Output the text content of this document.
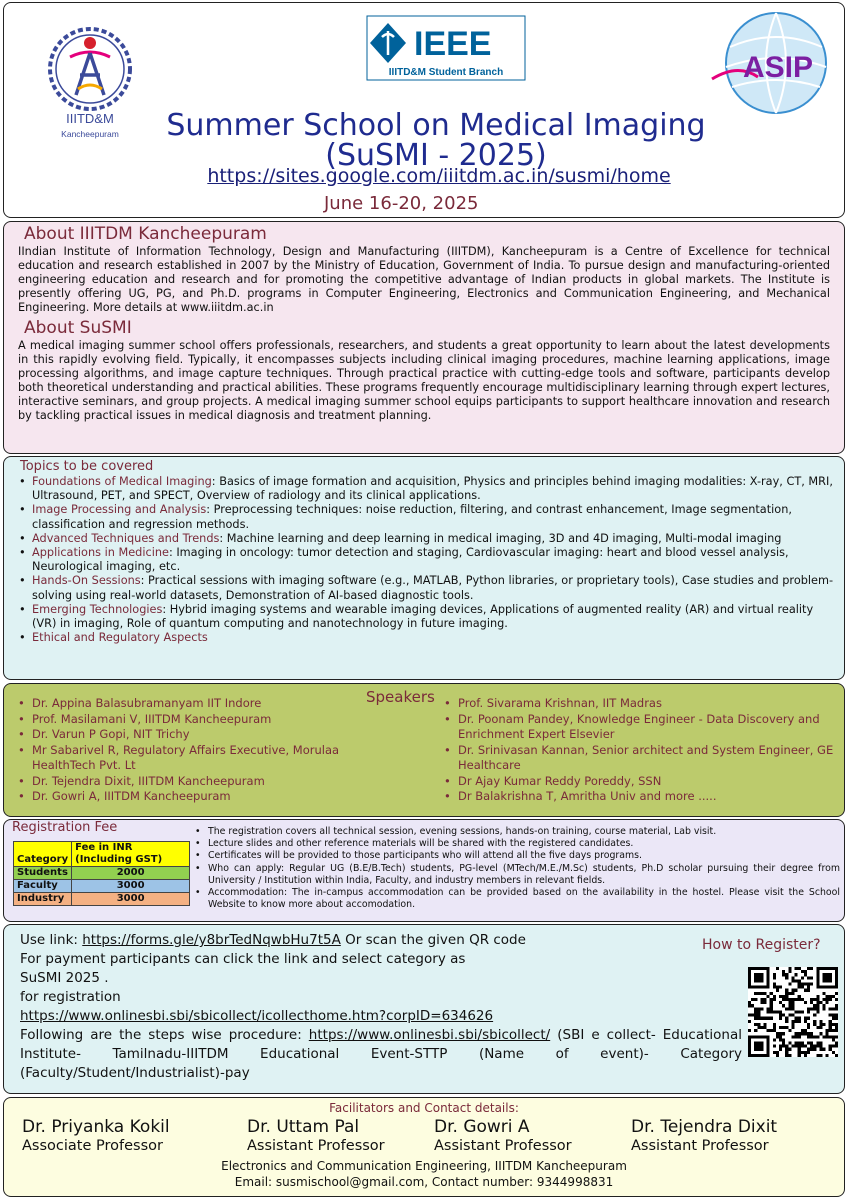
IIITD&M
Kancheepuram
IEEE
IIITD&M Student Branch	ASIP
Summer School on Medical Imaging
(SuSMI - 2025)
https://sites.google.com/iiitdm.ac.in/susmi/home
June 16-20, 2025
About IIITDM Kancheepuram
IIndian Institute of Information Technology, Design and Manufacturing (IIITDM), Kancheepuram is a Centre of Excellence for technical education and research established in 2007 by the Ministry of Education, Government of India. To pursue design and manufacturing-oriented engineering education and research and for promoting the competitive advantage of Indian products in global markets. The Institute is presently offering UG, PG, and Ph.D. programs in Computer Engineering, Electronics and Communication Engineering, and Mechanical Engineering. More details at www.iiitdm.ac.in
About SuSMI
A medical imaging summer school offers professionals, researchers, and students a great opportunity to learn about the latest developments in this rapidly evolving field. Typically, it encompasses subjects including clinical imaging procedures, machine learning applications, image processing algorithms, and image capture techniques. Through practical practice with cutting-edge tools and software, participants develop both theoretical understanding and practical abilities. These programs frequently encourage multidisciplinary learning through expert lectures, interactive seminars, and group projects. A medical imaging summer school equips participants to support healthcare innovation and research by tackling practical issues in medical diagnosis and treatment planning.
Topics to be covered
• Foundations of Medical Imaging: Basics of image formation and acquisition, Physics and principles behind imaging modalities: X-ray, CT, MRI, Ultrasound, PET, and SPECT, Overview of radiology and its clinical applications.
• Image Processing and Analysis: Preprocessing techniques: noise reduction, filtering, and contrast enhancement, Image segmentation, classification and regression methods.
• Advanced Techniques and Trends: Machine learning and deep learning in medical imaging, 3D and 4D imaging, Multi-modal imaging
• Applications in Medicine: Imaging in oncology: tumor detection and staging, Cardiovascular imaging: heart and blood vessel analysis, Neurological imaging, etc.
• Hands-On Sessions: Practical sessions with imaging software (e.g., MATLAB, Python libraries, or proprietary tools), Case studies and problem-solving using real-world datasets, Demonstration of AI-based diagnostic tools.
• Emerging Technologies: Hybrid imaging systems and wearable imaging devices, Applications of augmented reality (AR) and virtual reality (VR) in imaging, Role of quantum computing and nanotechnology in future imaging.
• Ethical and Regulatory Aspects
Speakers
• Dr. Appina Balasubramanyam IIT Indore
• Prof. Masilamani V, IIITDM Kancheepuram
• Dr. Varun P Gopi, NIT Trichy
• Mr Sabarivel R, Regulatory Affairs Executive, Morulaa HealthTech Pvt. Lt
• Dr. Tejendra Dixit, IIITDM Kancheepuram
• Dr. Gowri A, IIITDM Kancheepuram
• Prof. Sivarama Krishnan, IIT Madras
• Dr. Poonam Pandey, Knowledge Engineer - Data Discovery and Enrichment Expert Elsevier
• Dr. Srinivasan Kannan, Senior architect and System Engineer, GE Healthcare
• Dr Ajay Kumar Reddy Poreddy, SSN
• Dr Balakrishna T, Amritha Univ and more .....
Registration Fee
Category	Fee in INR (Including GST)
Students	2000
Faculty	3000
Industry	3000
• The registration covers all technical session, evening sessions, hands-on training, course material, Lab visit.
• Lecture slides and other reference materials will be shared with the registered candidates.
• Certificates will be provided to those participants who will attend all the five days programs.
• Who can apply: Regular UG (B.E/B.Tech) students, PG-level (MTech/M.E./M.Sc) students, Ph.D scholar pursuing their degree from University / Institution within India, Faculty, and industry members in relevant fields.
• Accommodation: The in-campus accommodation can be provided based on the availability in the hostel. Please visit the School Website to know more about accomodation.
How to Register?
Use link: https://forms.gle/y8brTedNqwbHu7t5A Or scan the given QR code
For payment participants can click the link and select category as
SuSMI 2025 .
for registration
https://www.onlinesbi.sbi/sbicollect/icollecthome.htm?corpID=634626
Following are the steps wise procedure: https://www.onlinesbi.sbi/sbicollect/ (SBI e collect- Educational Institute- Tamilnadu-IIITDM Educational Event-STTP (Name of event)- Category (Faculty/Student/Industrialist)-pay
Facilitators and Contact details:
Dr. Priyanka Kokil
Associate Professor
Dr. Uttam Pal
Assistant Professor
Dr. Gowri A
Assistant Professor
Dr. Tejendra Dixit
Assistant Professor
Electronics and Communication Engineering, IIITDM Kancheepuram
Email: susmischool@gmail.com, Contact number: 9344998831
